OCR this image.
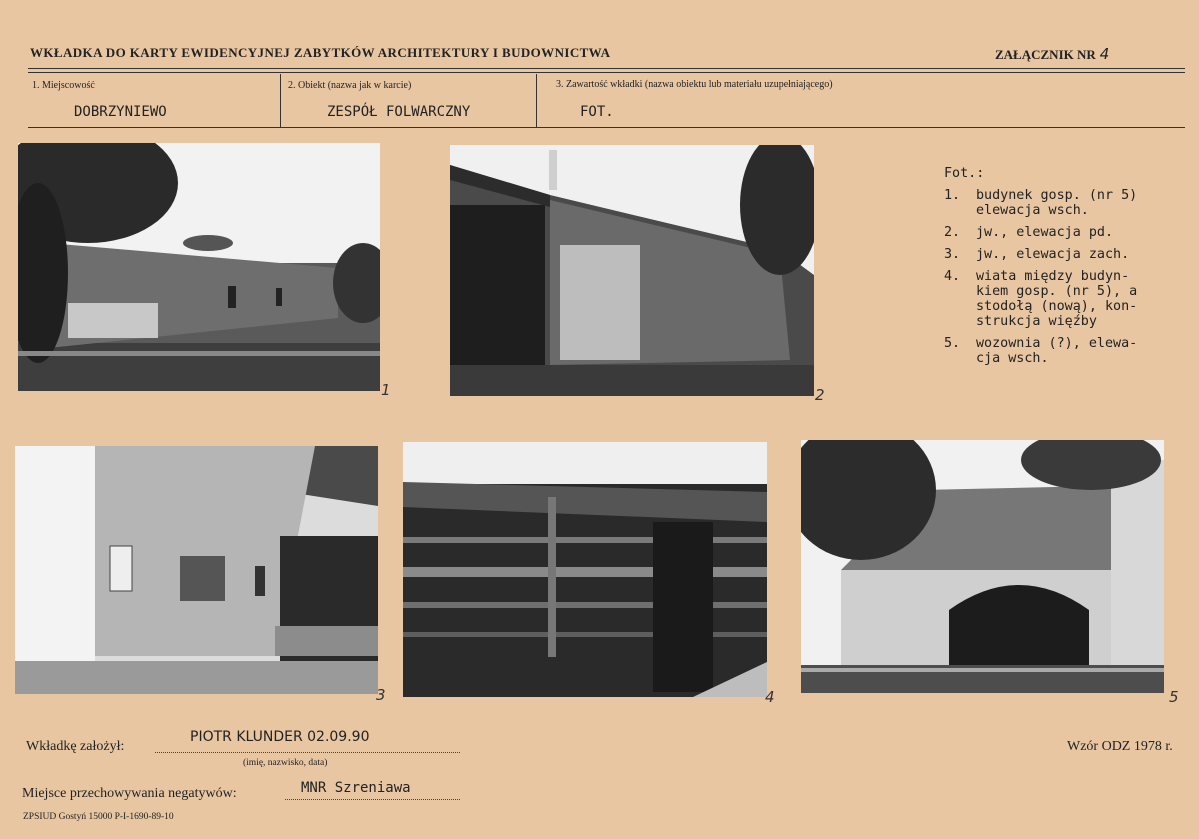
WKŁADKA DO KARTY EWIDENCYJNEJ ZABYTKÓW ARCHITEKTURY I BUDOWNICTWA	ZAŁĄCZNIK NR 4
1. Miejscowość
DOBRZYNIEWO
2. Obiekt (nazwa jak w karcie)
ZESPÓŁ FOLWARCZNY
3. Zawartość wkładki (nazwa obiektu lub materiału uzupełniającego)
FOT.
1	2
3	4	5
Fot.:
1.	budynek gosp. (nr 5)
elewacja wsch.
2.	jw., elewacja pd.
3.	jw., elewacja zach.
4.	wiata między budyn-
kiem gosp. (nr 5), a
stodołą (nową), kon-
strukcja więźby
5.	wozownia (?), elewa-
cja wsch.
Wkładkę założył:
PIOTR KLUNDER 02.09.90
(imię, nazwisko, data)
Wzór ODZ 1978 r.
Miejsce przechowywania negatywów:	MNR Szreniawa
ZPSIUD Gostyń 15000 P-I-1690-89-10
